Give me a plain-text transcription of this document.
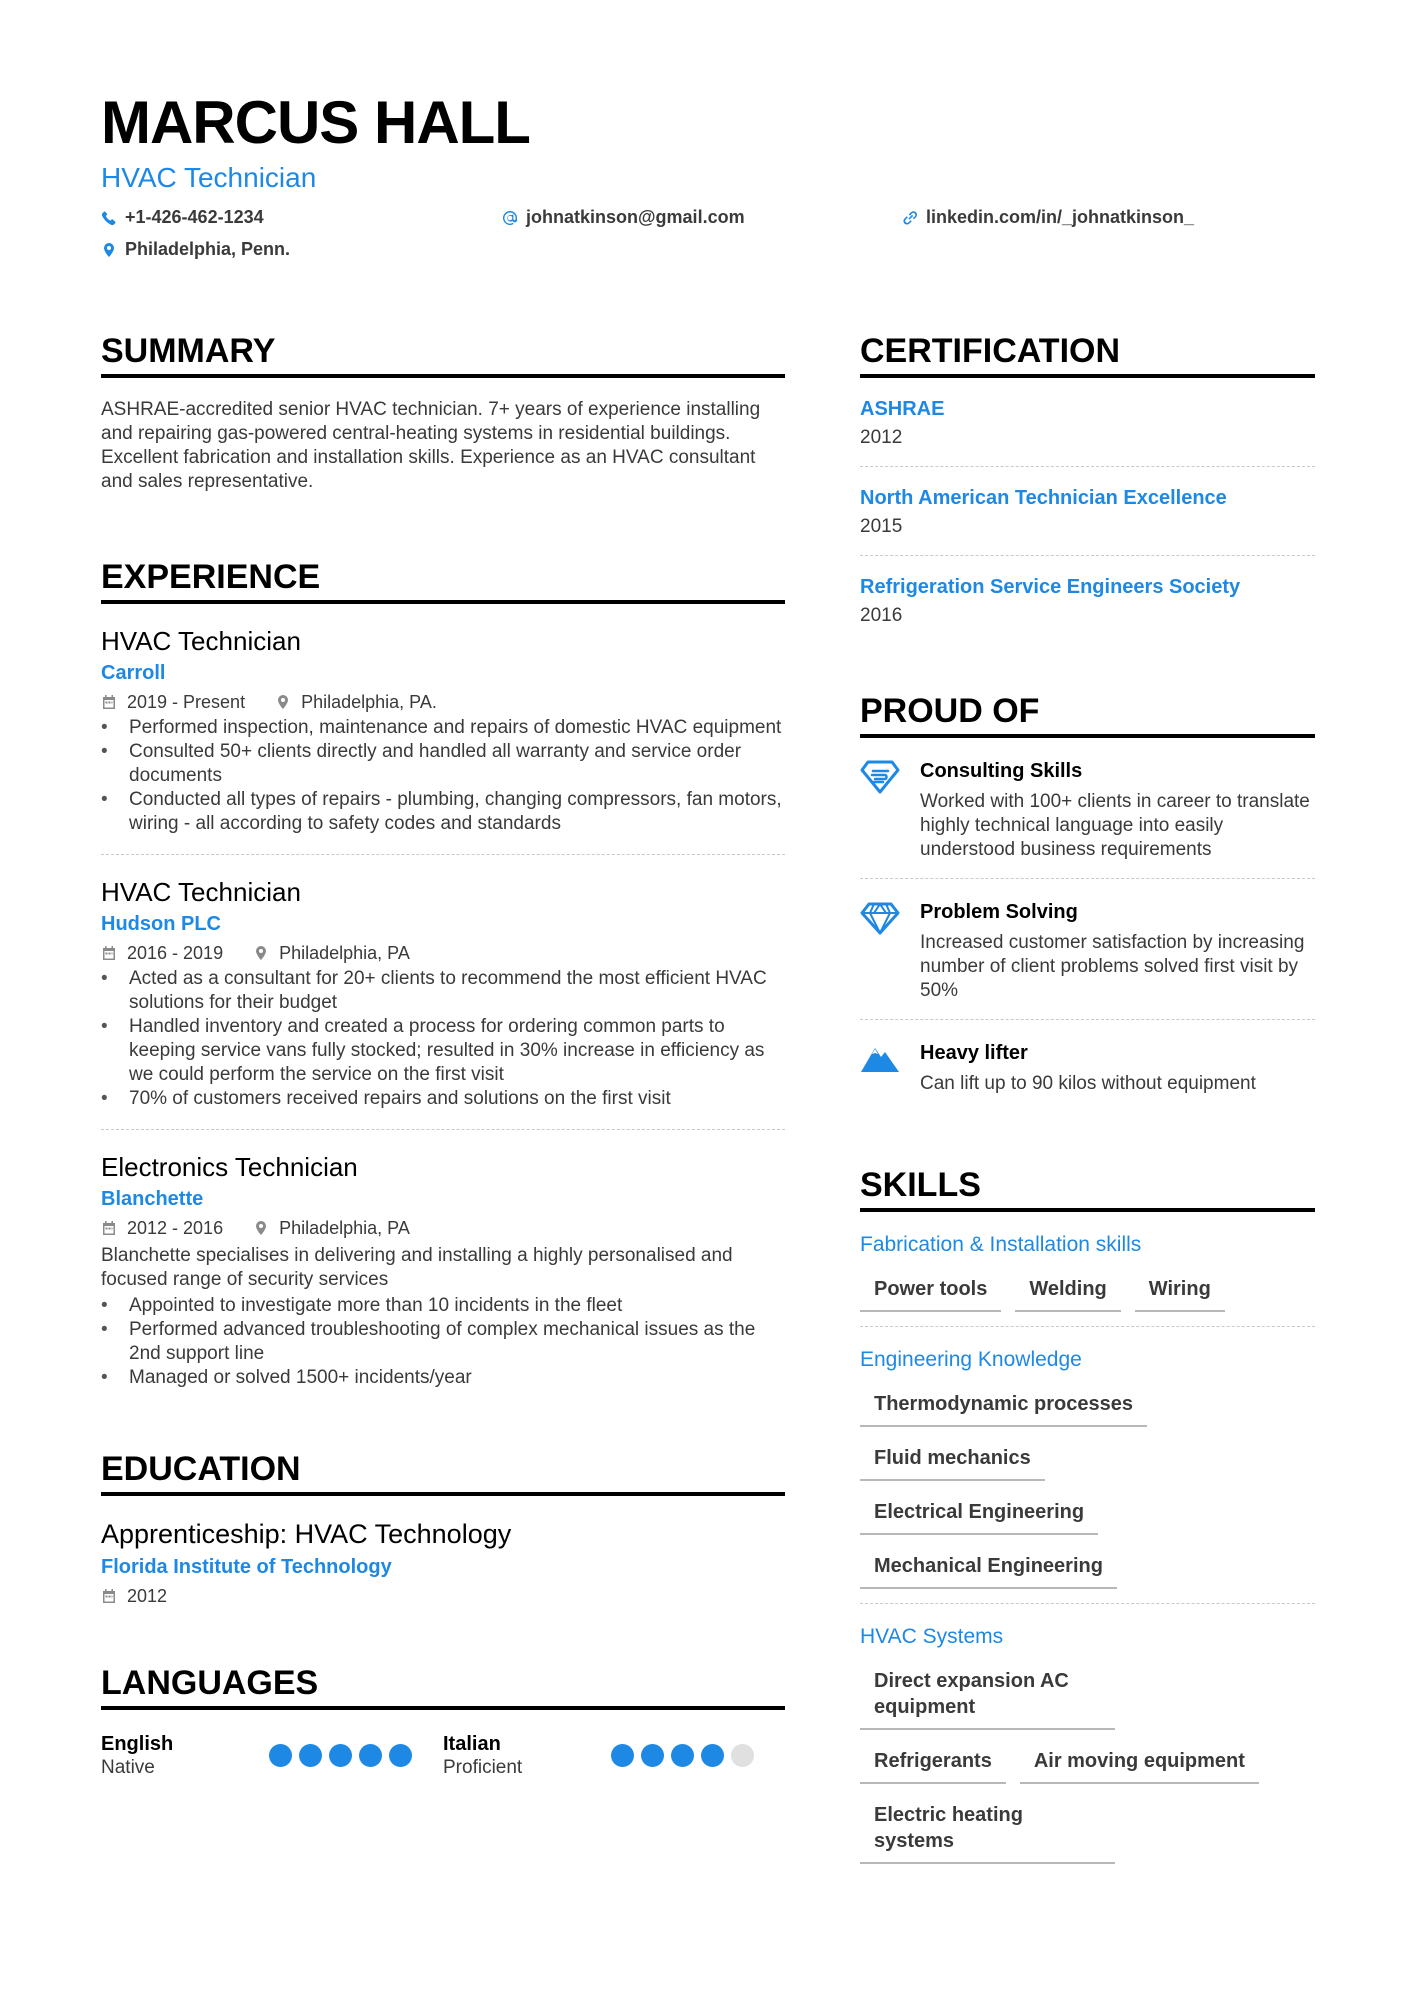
MARCUS HALL
HVAC Technician
+1-426-462-1234	johnatkinson@gmail.com	linkedin.com/in/_johnatkinson_
Philadelphia, Penn.
SUMMARY
ASHRAE-accredited senior HVAC technician. 7+ years of experience installing and repairing gas-powered central-heating systems in residential buildings. Excellent fabrication and installation skills. Experience as an HVAC consultant and sales representative.
EXPERIENCE
HVAC Technician
Carroll
2019 - Present	Philadelphia, PA.
• Performed inspection, maintenance and repairs of domestic HVAC equipment
• Consulted 50+ clients directly and handled all warranty and service order documents
• Conducted all types of repairs - plumbing, changing compressors, fan motors, wiring - all according to safety codes and standards
HVAC Technician
Hudson PLC
2016 - 2019	Philadelphia, PA
• Acted as a consultant for 20+ clients to recommend the most efficient HVAC solutions for their budget
• Handled inventory and created a process for ordering common parts to keeping service vans fully stocked; resulted in 30% increase in efficiency as we could perform the service on the first visit
• 70% of customers received repairs and solutions on the first visit
Electronics Technician
Blanchette
2012 - 2016	Philadelphia, PA
Blanchette specialises in delivering and installing a highly personalised and focused range of security services
• Appointed to investigate more than 10 incidents in the fleet
• Performed advanced troubleshooting of complex mechanical issues as the 2nd support line
• Managed or solved 1500+ incidents/year
EDUCATION
Apprenticeship: HVAC Technology
Florida Institute of Technology
2012
LANGUAGES
English
Native
Italian
Proficient
CERTIFICATION
ASHRAE
2012
North American Technician Excellence
2015
Refrigeration Service Engineers Society
2016
PROUD OF
Consulting Skills
Worked with 100+ clients in career to translate highly technical language into easily understood business requirements
Problem Solving
Increased customer satisfaction by increasing number of client problems solved first visit by 50%
Heavy lifter
Can lift up to 90 kilos without equipment
SKILLS
Fabrication & Installation skills
Power tools	Welding	Wiring
Engineering Knowledge
Thermodynamic processes
Fluid mechanics
Electrical Engineering
Mechanical Engineering
HVAC Systems
Direct expansion AC equipment
Refrigerants	Air moving equipment
Electric heating systems
